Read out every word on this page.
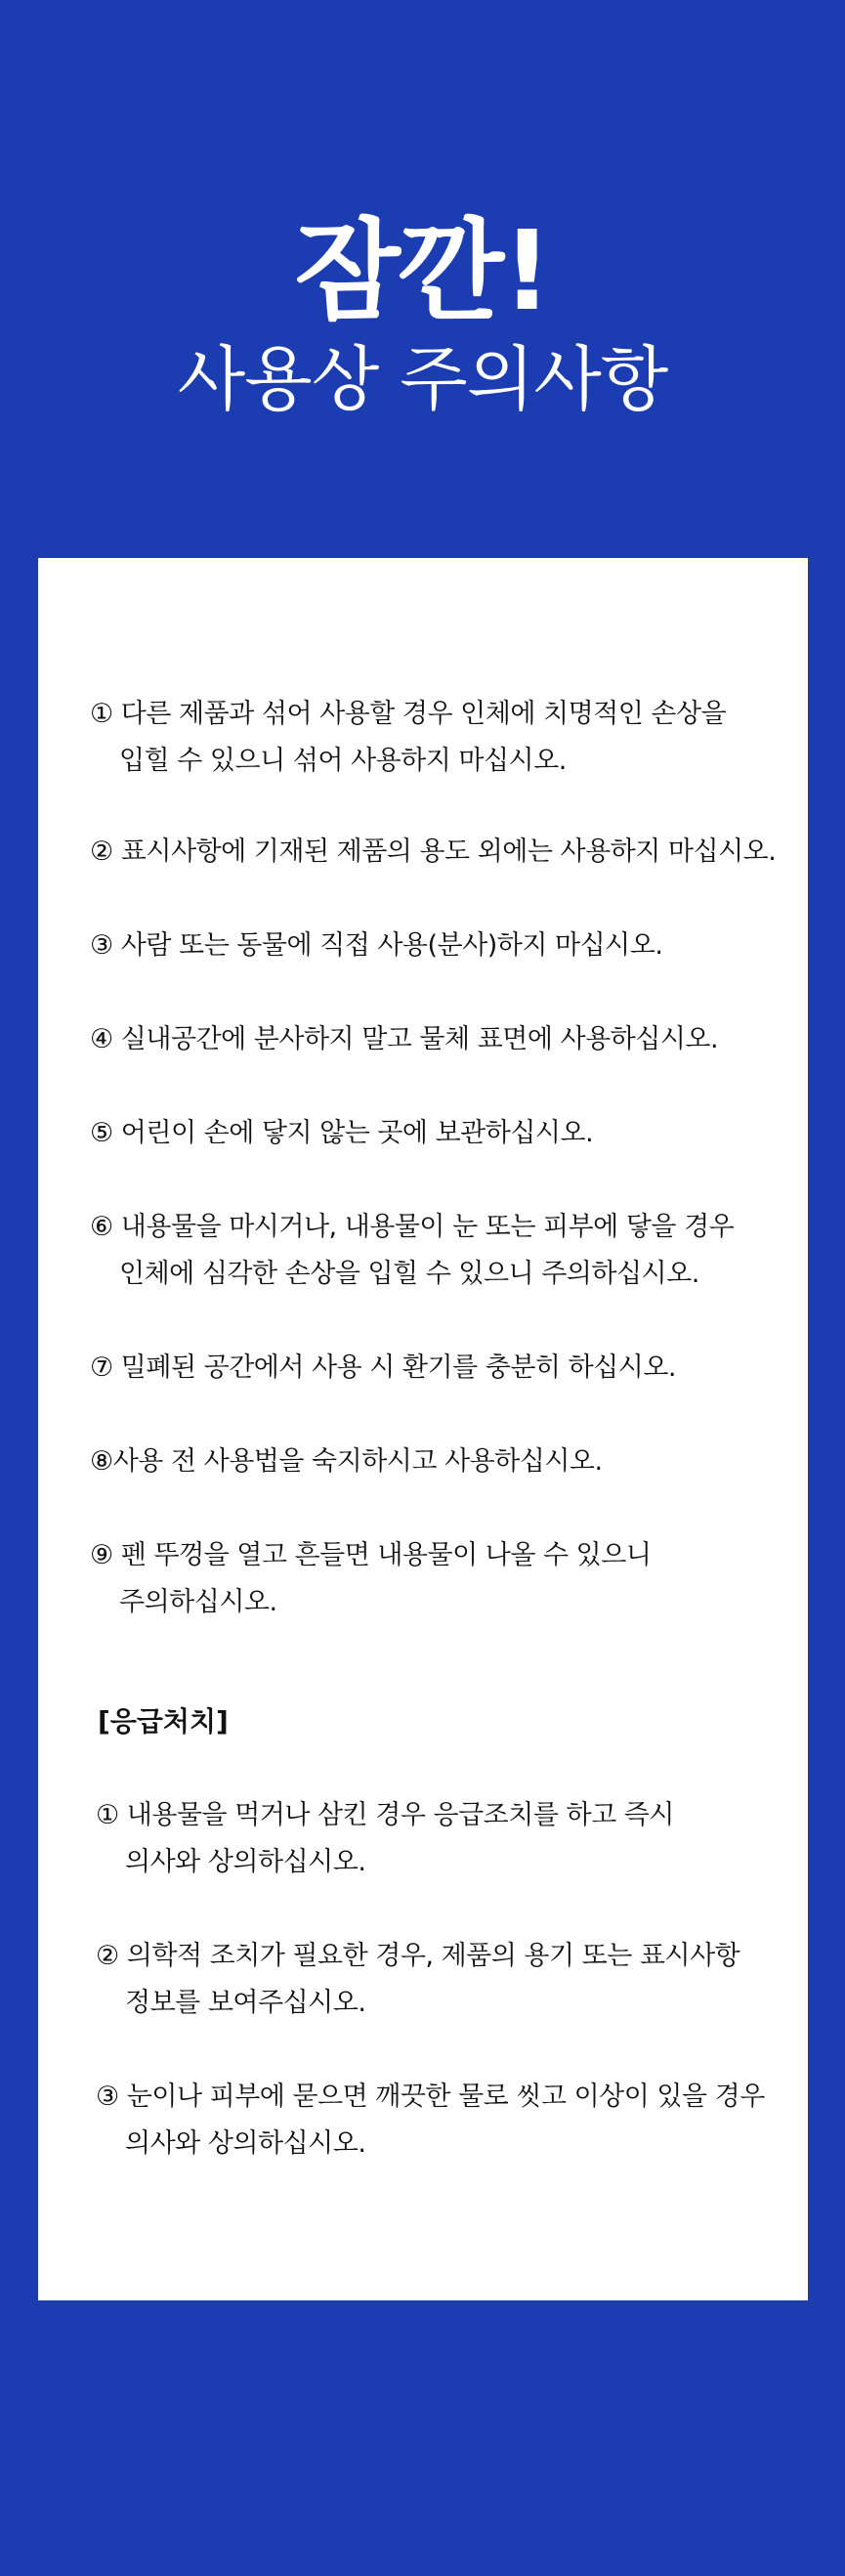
잠깐!
사용상 주의사항
① 다른 제품과 섞어 사용할 경우 인체에 치명적인 손상을
입힐 수 있으니 섞어 사용하지 마십시오.
② 표시사항에 기재된 제품의 용도 외에는 사용하지 마십시오.
③ 사람 또는 동물에 직접 사용(분사)하지 마십시오.
④ 실내공간에 분사하지 말고 물체 표면에 사용하십시오.
⑤ 어린이 손에 닿지 않는 곳에 보관하십시오.
⑥ 내용물을 마시거나, 내용물이 눈 또는 피부에 닿을 경우
인체에 심각한 손상을 입힐 수 있으니 주의하십시오.
⑦ 밀폐된 공간에서 사용 시 환기를 충분히 하십시오.
⑧사용 전 사용법을 숙지하시고 사용하십시오.
⑨ 펜 뚜껑을 열고 흔들면 내용물이 나올 수 있으니
주의하십시오.
[응급처치]
① 내용물을 먹거나 삼킨 경우 응급조치를 하고 즉시
의사와 상의하십시오.
② 의학적 조치가 필요한 경우, 제품의 용기 또는 표시사항
정보를 보여주십시오.
③ 눈이나 피부에 묻으면 깨끗한 물로 씻고 이상이 있을 경우
의사와 상의하십시오.
